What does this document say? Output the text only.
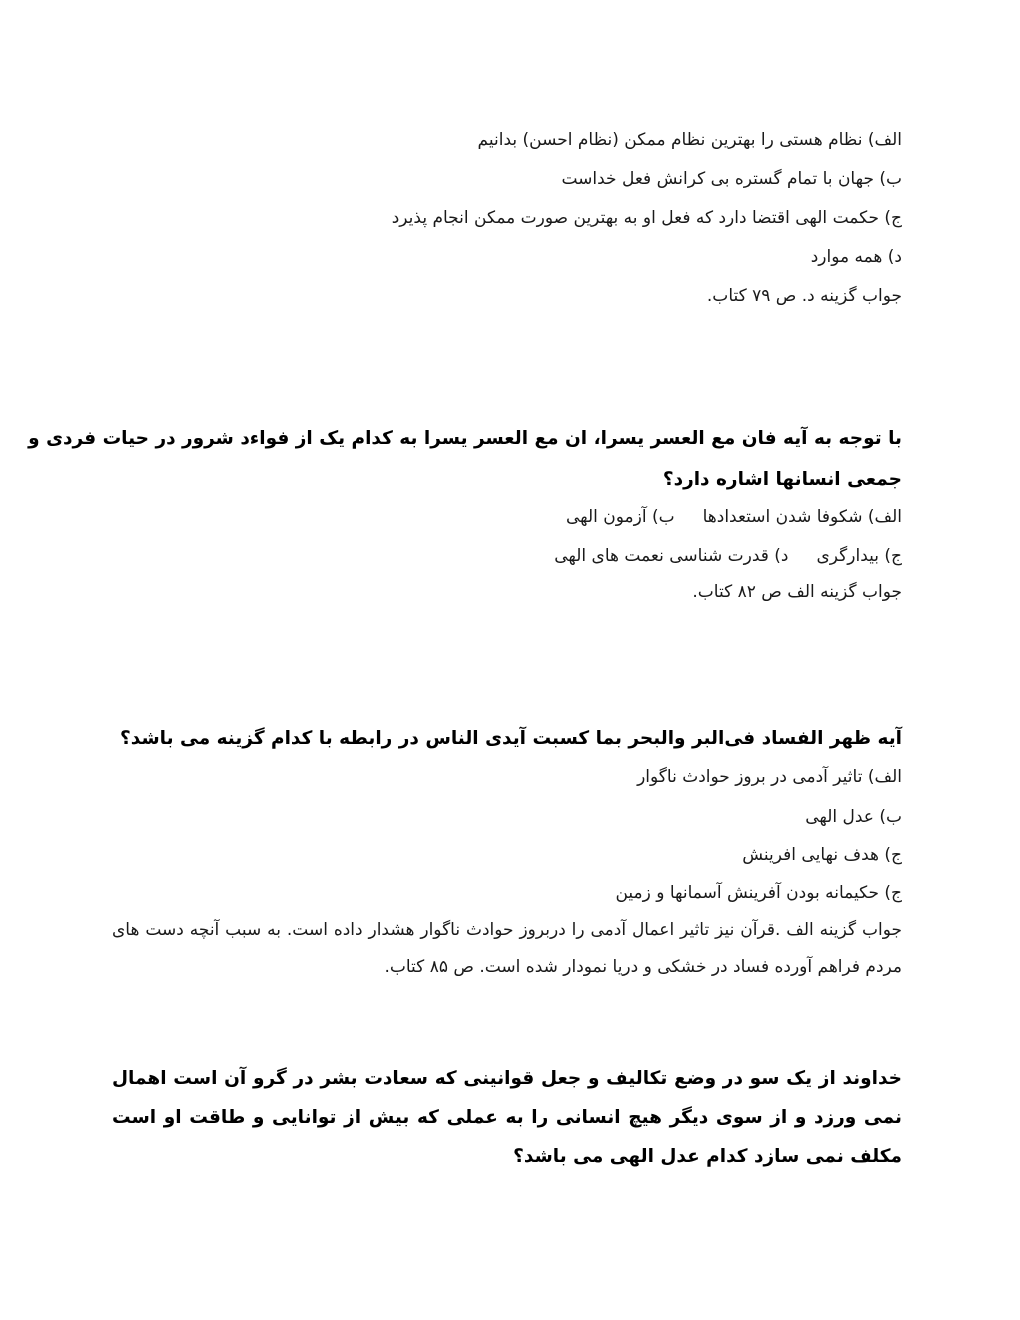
الف) نظام هستی را بهترین نظام ممکن (نظام احسن) بدانیم
ب) جهان با تمام گستره بی کرانش فعل خداست
ج) حکمت الهی اقتضا دارد که فعل او به بهترین صورت ممکن انجام پذیرد
د) همه موارد
جواب گزینه د. ص ۷۹ کتاب.
با توجه به آیه فان مع العسر یسرا، ان مع العسر یسرا به کدام یک از فواءد شرور در حیات فردی و
جمعی انسانها اشاره دارد؟
الف) شکوفا شدن استعدادهاب) آزمون الهی
ج) بیدارگرید) قدرت شناسی نعمت های الهی
جواب گزینه الف ص ۸۲ کتاب.
آیه ظهر الفساد فی‌البر والبحر بما کسبت آیدی الناس در رابطه با کدام گزینه می باشد؟
الف) تاثیر آدمی در بروز حوادث ناگوار
ب) عدل الهی
ج) هدف نهایی افرینش
ج) حکیمانه بودن آفرینش آسمانها و زمین
جواب گزینه الف .قرآن نیز تاثیر اعمال آدمی را دربروز حوادث ناگوار هشدار داده است. به سبب آنچه دست های مردم فراهم آورده فساد در خشکی و دریا نمودار شده است. ص ۸۵ کتاب.
خداوند از یک سو در وضع تکالیف و جعل قوانینی که سعادت بشر در گرو آن است اهمال نمی ورزد و از سوی دیگر هیچ انسانی را به عملی که بیش از توانایی و طاقت او است مکلف نمی سازد کدام عدل الهی می باشد؟
